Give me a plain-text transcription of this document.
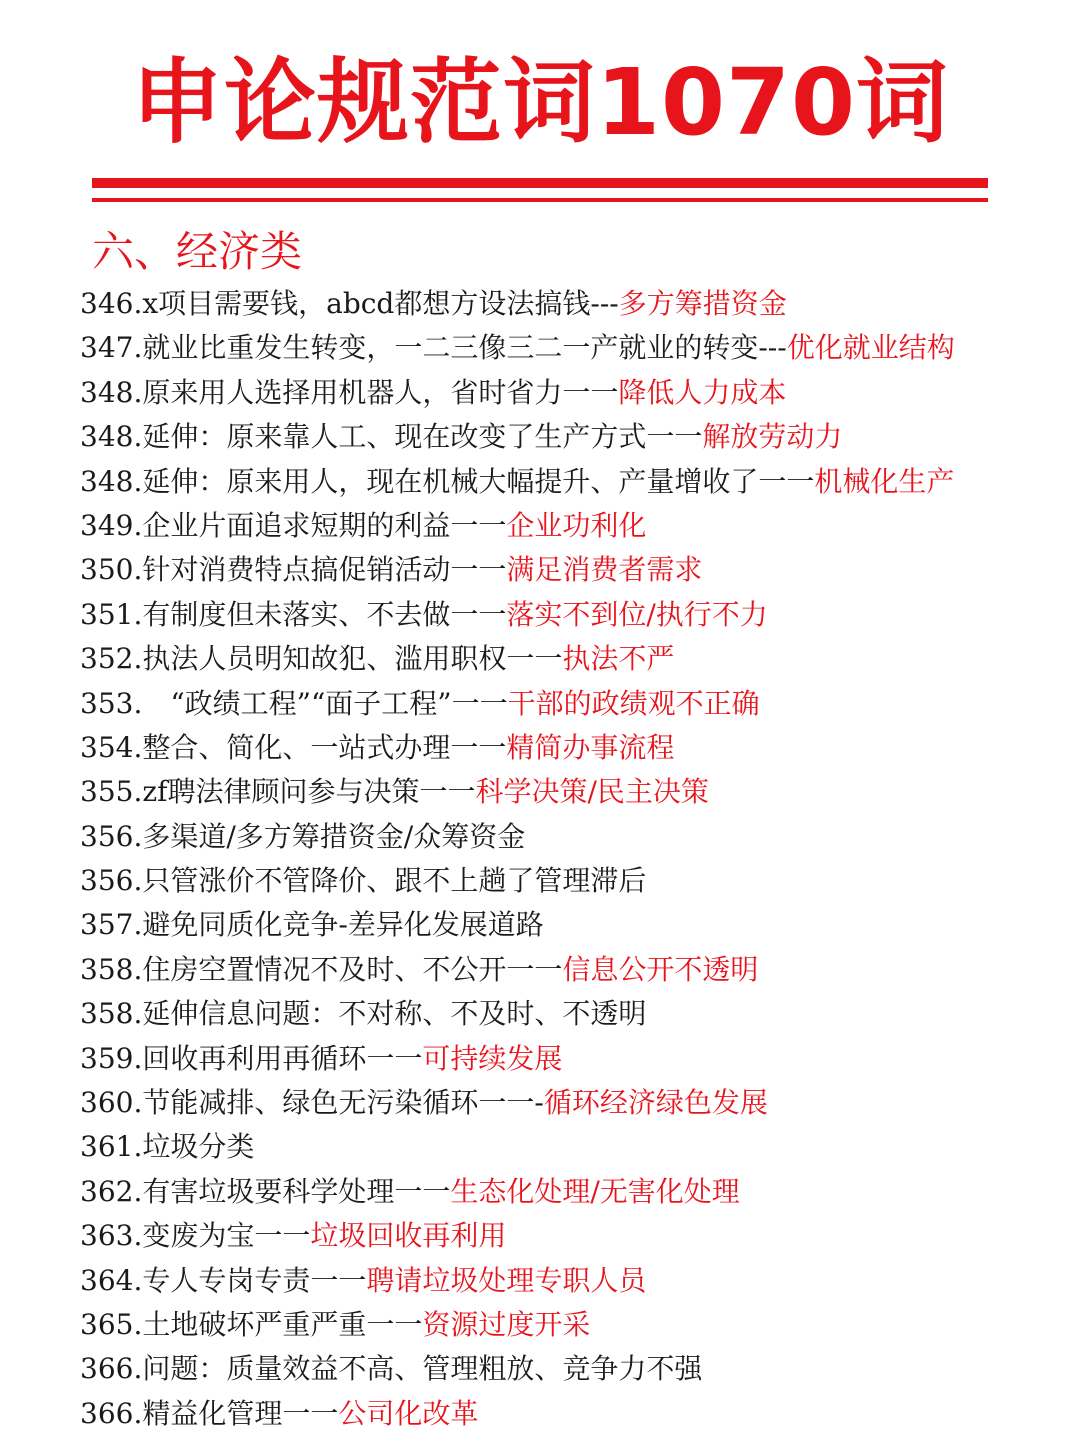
申论规范词1070词
六、经济类
346.x项目需要钱，abcd都想方设法搞钱---多方筹措资金
347.就业比重发生转变，一二三像三二一产就业的转变---优化就业结构
348.原来用人选择用机器人，省时省力一一降低人力成本
348.延伸：原来靠人工、现在改变了生产方式一一解放劳动力
348.延伸：原来用人，现在机械大幅提升、产量增收了一一机械化生产
349.企业片面追求短期的利益一一企业功利化
350.针对消费特点搞促销活动一一满足消费者需求
351.有制度但未落实、不去做一一落实不到位/执行不力
352.执法人员明知故犯、滥用职权一一执法不严
353.　“政绩工程”“面子工程”一一干部的政绩观不正确
354.整合、简化、一站式办理一一精简办事流程
355.zf聘法律顾问参与决策一一科学决策/民主决策
356.多渠道/多方筹措资金/众筹资金
356.只管涨价不管降价、跟不上趟了管理滞后
357.避免同质化竞争-差异化发展道路
358.住房空置情况不及时、不公开一一信息公开不透明
358.延伸信息问题：不对称、不及时、不透明
359.回收再利用再循环一一可持续发展
360.节能减排、绿色无污染循环一一-循环经济绿色发展
361.垃圾分类
362.有害垃圾要科学处理一一生态化处理/无害化处理
363.变废为宝一一垃圾回收再利用
364.专人专岗专责一一聘请垃圾处理专职人员
365.土地破坏严重严重一一资源过度开采
366.问题：质量效益不高、管理粗放、竞争力不强
366.精益化管理一一公司化改革
